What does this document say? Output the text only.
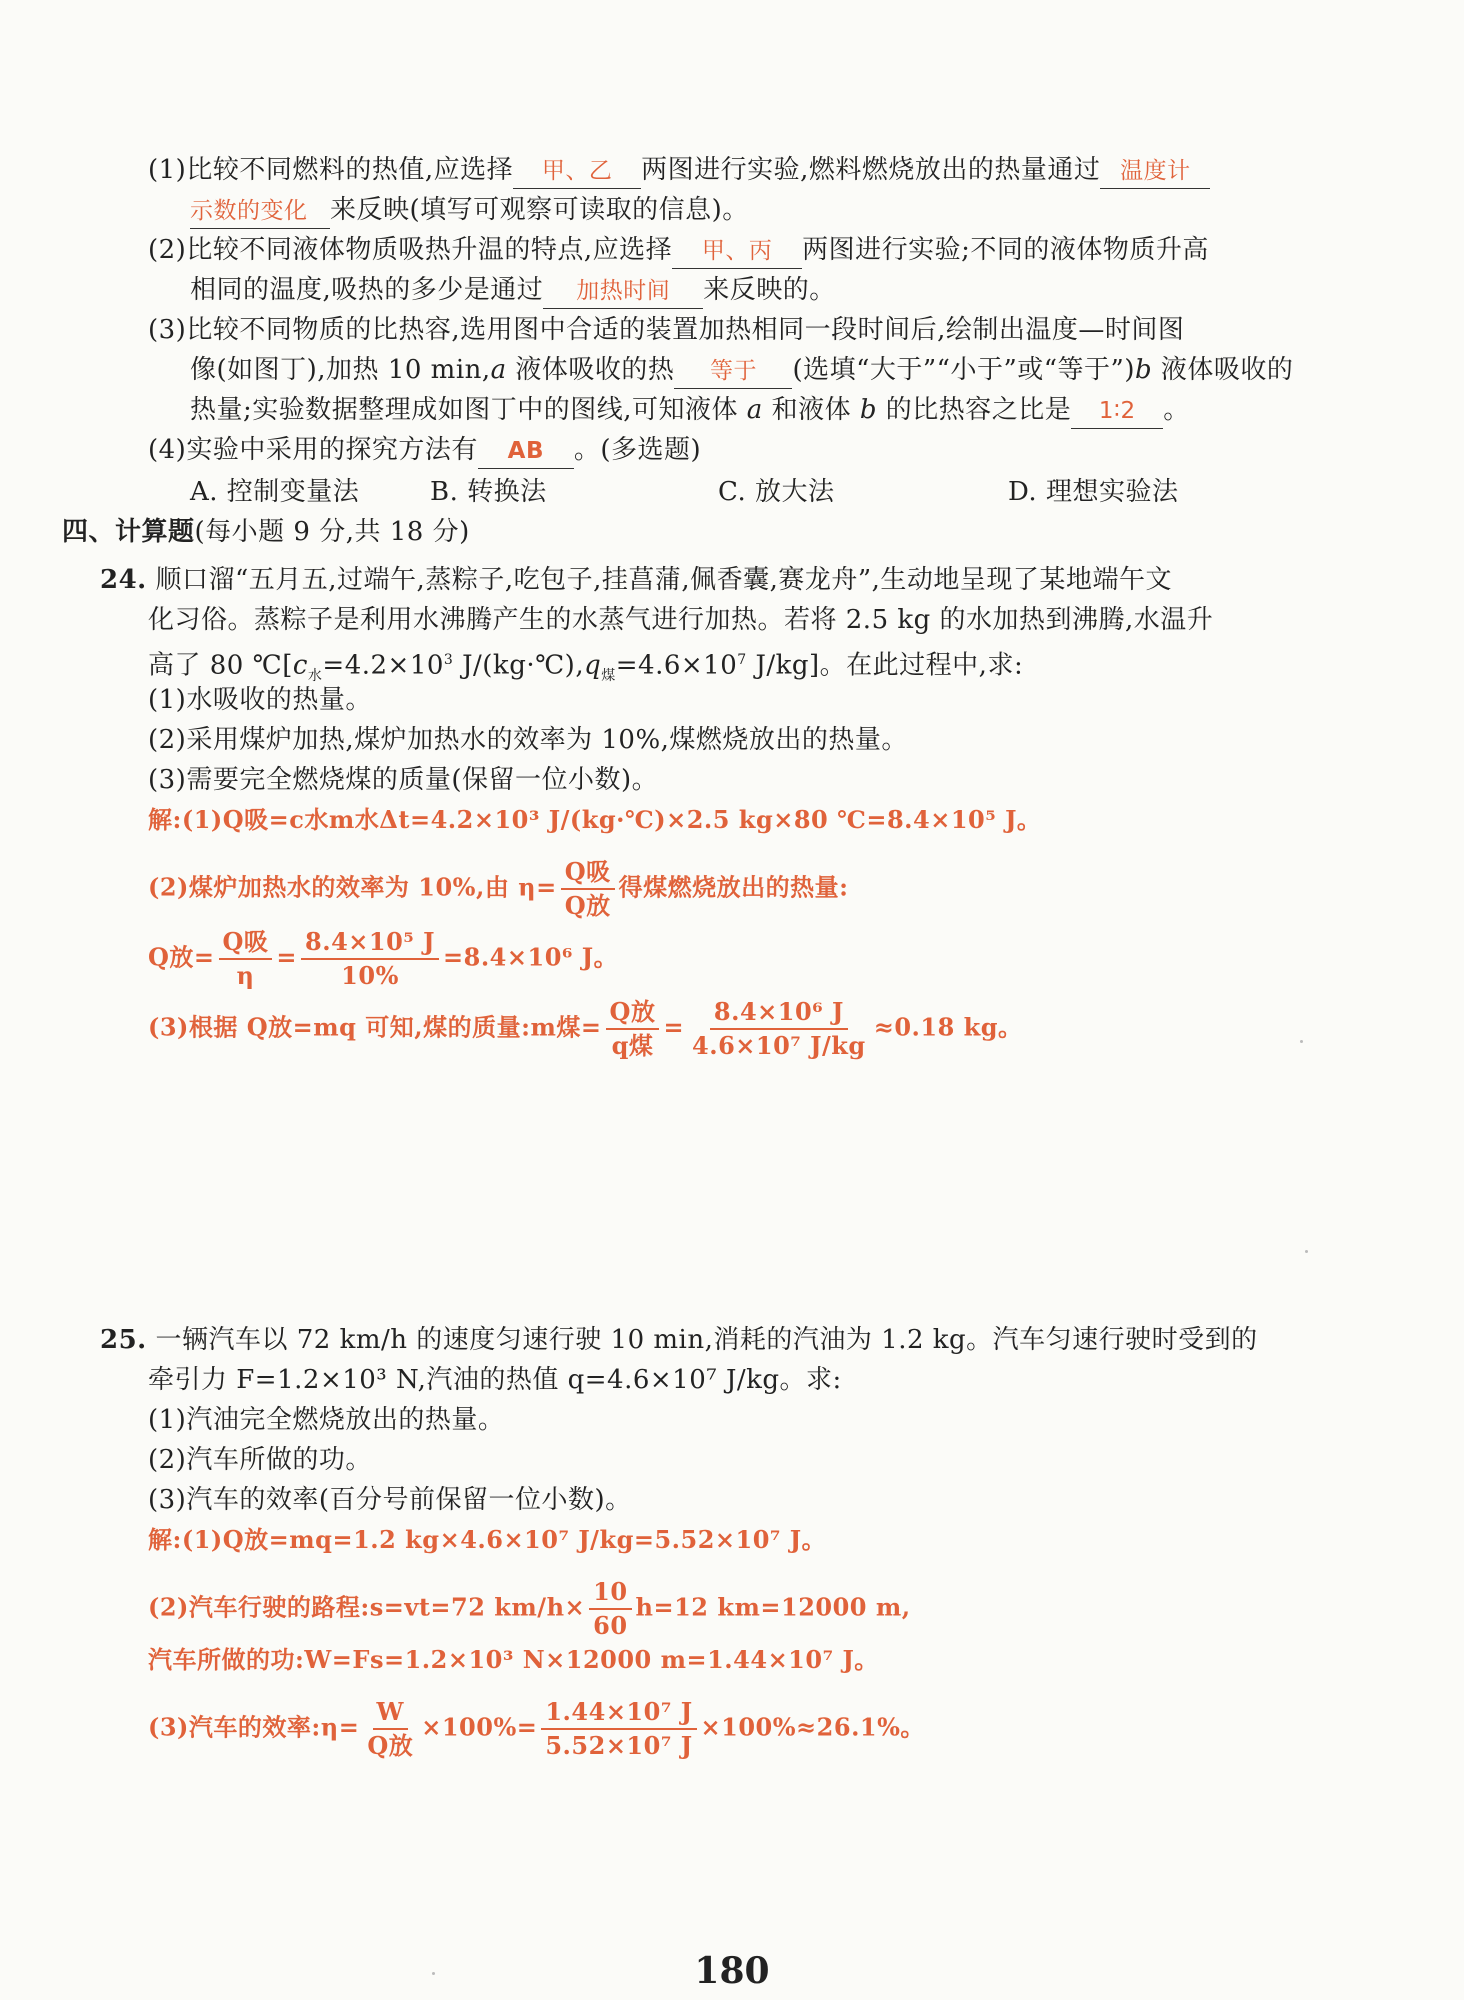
(1)比较不同燃料的热值,应选择 甲、乙 两图进行实验,燃料燃烧放出的热量通过 温度计
示数的变化 来反映(填写可观察可读取的信息)。
(2)比较不同液体物质吸热升温的特点,应选择 甲、丙 两图进行实验;不同的液体物质升高
相同的温度,吸热的多少是通过 加热时间 来反映的。
(3)比较不同物质的比热容,选用图中合适的装置加热相同一段时间后,绘制出温度—时间图
像(如图丁),加热 10 min,a 液体吸收的热 等于 (选填“大于”“小于”或“等于”)b 液体吸收的
热量;实验数据整理成如图丁中的图线,可知液体 a 和液体 b 的比热容之比是 1∶2 。
(4)实验中采用的探究方法有 AB 。(多选题)
A. 控制变量法	B. 转换法	C. 放大法	D. 理想实验法
四、计算题(每小题 9 分,共 18 分)
24. 顺口溜“五月五,过端午,蒸粽子,吃包子,挂菖蒲,佩香囊,赛龙舟”,生动地呈现了某地端午文
化习俗。蒸粽子是利用水沸腾产生的水蒸气进行加热。若将 2.5 kg 的水加热到沸腾,水温升
高了 80 $℃[c_水=4.2\times 10^3$ $J/(kg\cdot℃),q_煤=4.6\times 10^7$ J/kg]。在此过程中,求:
(1)水吸收的热量。
(2)采用煤炉加热,煤炉加热水的效率为 10%,煤燃烧放出的热量。
(3)需要完全燃烧煤的质量(保留一位小数)。
解:(1)Q吸=c水m水Δt=4.2×10³ J/(kg·℃)×2.5 kg×80 ℃=8.4×10⁵ J。
(2)煤炉加热水的效率为 10%,由 $\eta= \frac{\text{Q吸}}{\text{Q放}}$ 得煤燃烧放出的热量:
Q放= $\frac{\text{Q吸}}{\eta} = \frac{\text{8.4×10⁵ J}}{10\%} =8.4\times 10^6$ J。
(3)根据 Q放=mq 可知,煤的质量:m煤= $\frac{\text{Q放}}{\text{q煤}} = \frac{\text{8.4×10⁶ J}}{\text{4.6×10⁷ J/kg}} \approx 0.18$ kg。
25. 一辆汽车以 72 km/h 的速度匀速行驶 10 min,消耗的汽油为 1.2 kg。汽车匀速行驶时受到的
牵引力 F=1.2×10³ N,汽油的热值 q=4.6×10⁷ J/kg。求:
(1)汽油完全燃烧放出的热量。
(2)汽车所做的功。
(3)汽车的效率(百分号前保留一位小数)。
解:(1)Q放=mq=1.2 kg×4.6×10⁷ J/kg=5.52×10⁷ J。
(2)汽车行驶的路程:s=vt=72 $km/h\times \frac{10}{60} h=12$ km=12000 m,
汽车所做的功:W=Fs=1.2×10³ N×12000 m=1.44×10⁷ J。
(3)汽车的效率:η= $\frac{W}{\text{Q放}} \times 100\%= \frac{\text{1.44×10⁷ J}}{\text{5.52×10⁷ J}} \times 100\%\approx 26.1\%$。
180
